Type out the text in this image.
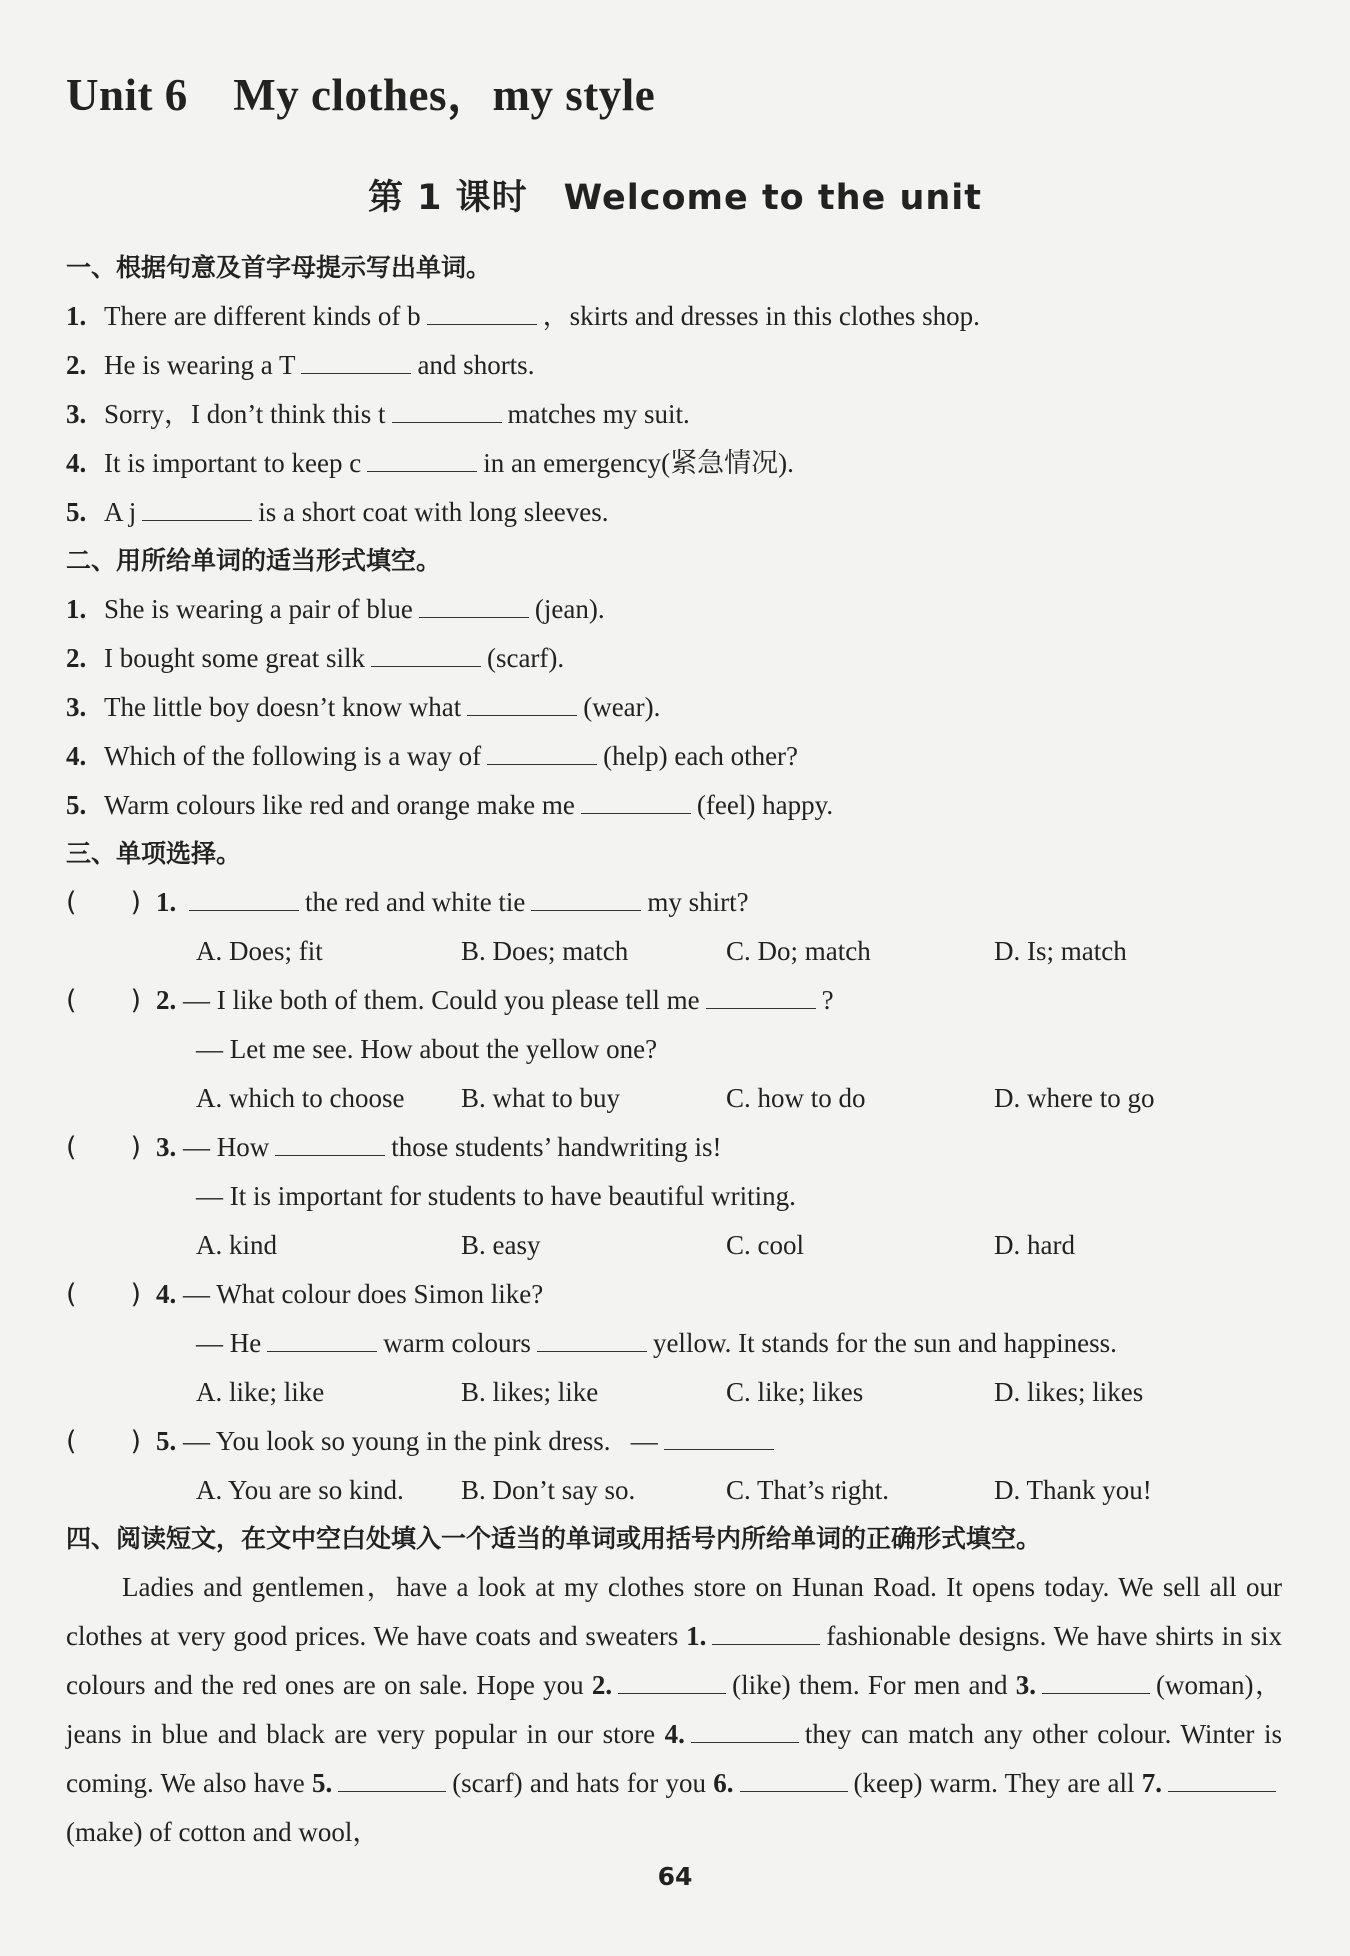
Unit 6　My clothes，my style
第 1 课时　Welcome to the unit
一、根据句意及首字母提示写出单词。
1. There are different kinds of b	，skirts and dresses in this clothes shop.
2. He is wearing a T	and shorts.
3. Sorry，I don’t think this t	matches my suit.
4. It is important to keep c	in an emergency(紧急情况).
5. A j	is a short coat with long sleeves.
二、用所给单词的适当形式填空。
1. She is wearing a pair of blue	(jean).
2. I bought some great silk	(scarf).
3. The little boy doesn’t know what	(wear).
4. Which of the following is a way of	(help) each other?
5. Warm colours like red and orange make me	(feel) happy.
三、单项选择。
(　　) 1.	the red and white tie	my shirt?
A. Does; fit	B. Does; match	C. Do; match	D. Is; match
(　　) 2. — I like both of them. Could you please tell me	?
— Let me see. How about the yellow one?
A. which to choose	B. what to buy	C. how to do	D. where to go
(　　) 3. — How	those students’ handwriting is!
— It is important for students to have beautiful writing.
A. kind	B. easy	C. cool	D. hard
(　　) 4. — What colour does Simon like?
— He	warm colours	yellow. It stands for the sun and happiness.
A. like; like	B. likes; like	C. like; likes	D. likes; likes
(　　) 5. — You look so young in the pink dress. —
A. You are so kind.	B. Don’t say so.	C. That’s right.	D. Thank you!
四、阅读短文，在文中空白处填入一个适当的单词或用括号内所给单词的正确形式填空。
Ladies and gentlemen，have a look at my clothes store on Hunan Road. It opens today. We sell all our clothes at very good prices. We have coats and sweaters 1.	fashionable designs. We have shirts in six colours and the red ones are on sale. Hope you 2.	(like) them. For men and 3.	(woman)，jeans in blue and black are very popular in our store 4.	they can match any other colour. Winter is coming. We also have 5.	(scarf) and hats for you 6.	(keep) warm. They are all 7.(make) of cotton and wool，
64
